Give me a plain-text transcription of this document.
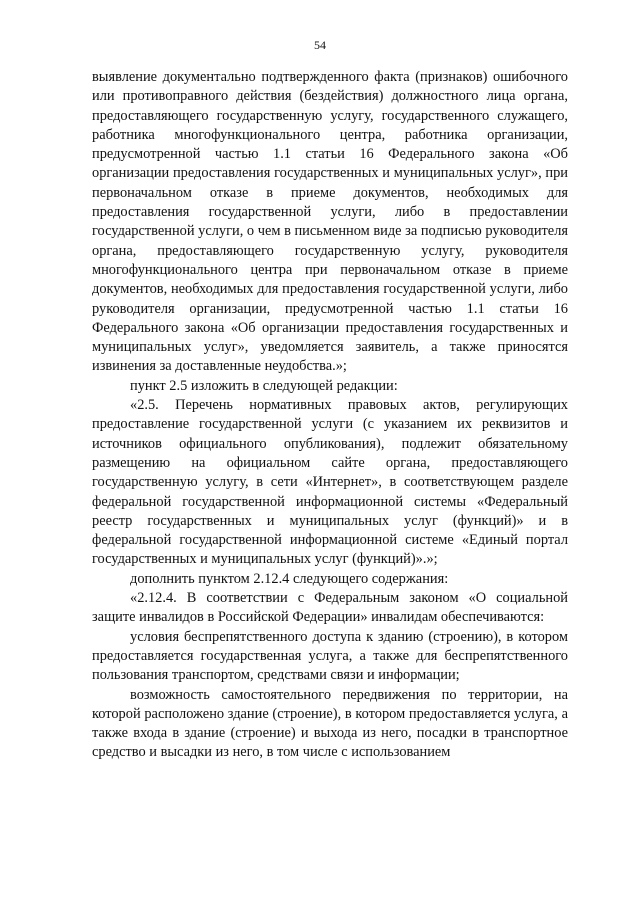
54

выявление документально подтвержденного факта (признаков) ошибочного или противоправного действия (бездействия) должностного лица органа, предоставляющего государственную услугу, государственного служащего, работника многофункционального центра, работника организации, предусмотренной частью 1.1 статьи 16 Федерального закона «Об организации предоставления государственных и муниципальных услуг», при первоначальном отказе в приеме документов, необходимых для предоставления государственной услуги, либо в предоставлении государственной услуги, о чем в письменном виде за подписью руководителя органа, предоставляющего государственную услугу, руководителя многофункционального центра при первоначальном отказе в приеме документов, необходимых для предоставления государственной услуги, либо руководителя организации, предусмотренной частью 1.1 статьи 16 Федерального закона «Об организации предоставления государственных и муниципальных услуг», уведомляется заявитель, а также приносятся извинения за доставленные неудобства.»;

пункт 2.5 изложить в следующей редакции:

«2.5. Перечень нормативных правовых актов, регулирующих предоставление государственной услуги (с указанием их реквизитов и источников официального опубликования), подлежит обязательному размещению на официальном сайте органа, предоставляющего государственную услугу, в сети «Интернет», в соответствующем разделе федеральной государственной информационной системы «Федеральный реестр государственных и муниципальных услуг (функций)» и в федеральной государственной информационной системе «Единый портал государственных и муниципальных услуг (функций)».»;

дополнить пунктом 2.12.4 следующего содержания:

«2.12.4. В соответствии с Федеральным законом «О социальной защите инвалидов в Российской Федерации» инвалидам обеспечиваются:

условия беспрепятственного доступа к зданию (строению), в котором предоставляется государственная услуга, а также для беспрепятственного пользования транспортом, средствами связи и информации;

возможность самостоятельного передвижения по территории, на которой расположено здание (строение), в котором предоставляется услуга, а также входа в здание (строение) и выхода из него, посадки в транспортное средство и высадки из него, в том числе с использованием
